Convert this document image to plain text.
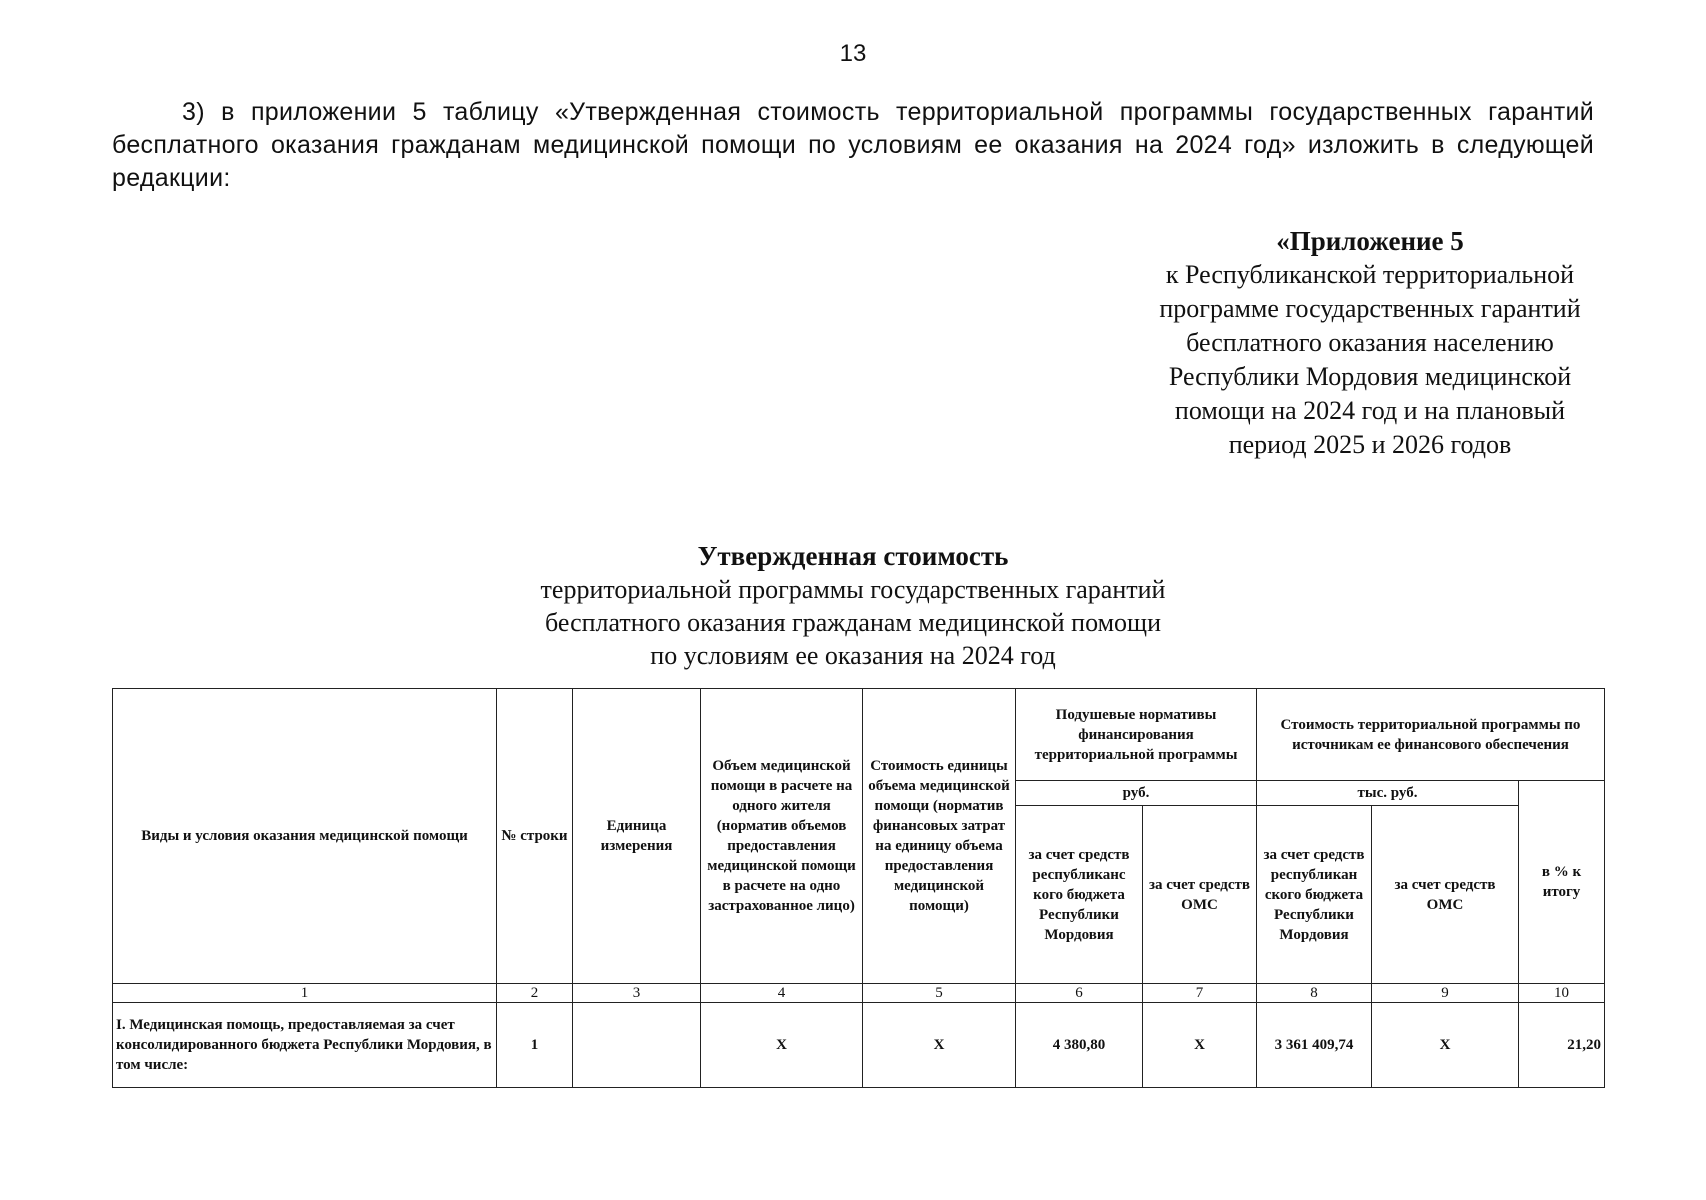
13
3) в приложении 5 таблицу «Утвержденная стоимость территориальной программы государственных гарантий бесплатного оказания гражданам медицинской помощи по условиям ее оказания на 2024 год» изложить в следующей редакции:
«Приложение 5
к Республиканской территориальной
программе государственных гарантий
бесплатного оказания населению
Республики Мордовия медицинской
помощи на 2024 год и на плановый
период 2025 и 2026 годов
Утвержденная стоимость
территориальной программы государственных гарантий
бесплатного оказания гражданам медицинской помощи
по условиям ее оказания на 2024 год
Виды и условия оказания медицинской помощи	№ строки	Единица измерения	Объем медицинской помощи в расчете на одного жителя (норматив объемов предоставления медицинской помощи в расчете на одно застрахованное лицо)	Стоимость единицы объема медицинской помощи (норматив финансовых затрат на единицу объема предоставления медицинской помощи)	Подушевые нормативы финансирования территориальной программы		Стоимость территориальной программы по источникам ее финансового обеспечения		
					руб.		тыс. руб.		в % к итогу
					за счет средств республиканс кого бюджета Республики Мордовия	за счет средств ОМС	за счет средств республикан ского бюджета Республики Мордовия	за счет средств ОМС	
1	2	3	4	5	6	7	8	9	10
I. Медицинская помощь, предоставляемая за счет консолидированного бюджета Республики Мордовия, в том числе:	1		Х	Х	4 380,80	Х	3 361 409,74	Х	21,20
